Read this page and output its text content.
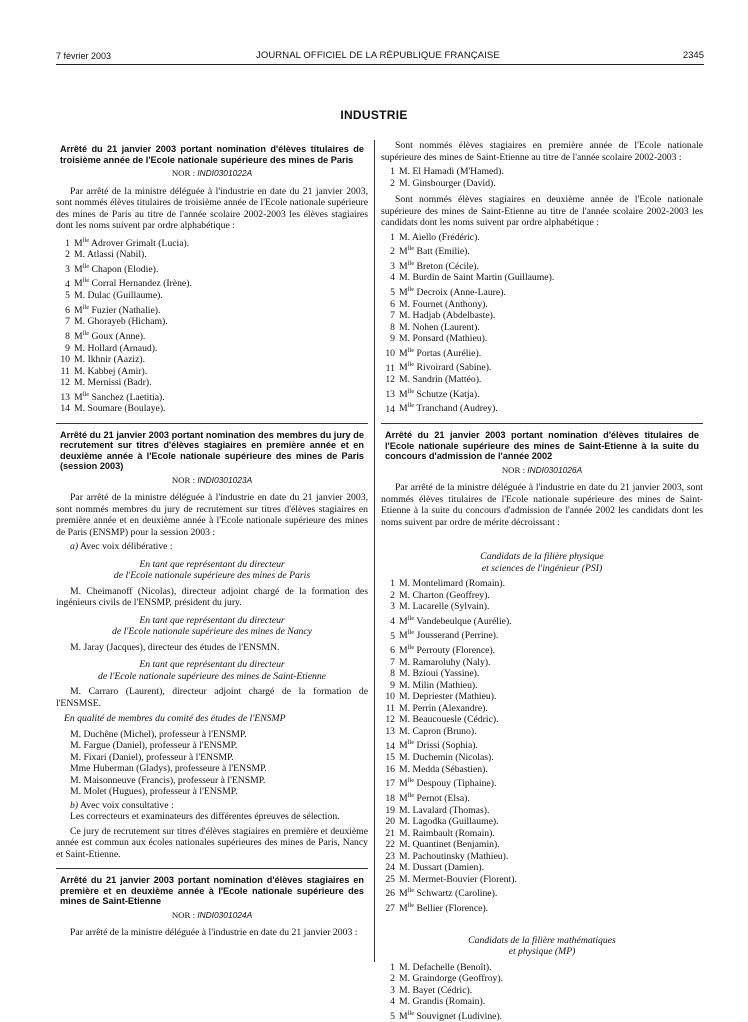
7 février 2003	JOURNAL OFFICIEL DE LA RÉPUBLIQUE FRANÇAISE	2345
INDUSTRIE
Arrêté du 21 janvier 2003 portant nomination d'élèves titulaires de troisième année de l'Ecole nationale supérieure des mines de Paris
NOR : INDI0301022A

Par arrêté de la ministre déléguée à l'industrie en date du 21 janvier 2003, sont nommés élèves titulaires de troisième année de l'Ecole nationale supérieure des mines de Paris au titre de l'année scolaire 2002-2003 les élèves stagiaires dont les noms suivent par ordre alphabétique :

1 $M^{lle}$ Adrover Grimalt (Lucia).
2 M. Atlassi (Nabil).
3 $M^{lle}$ Chapon (Elodie).
4 $M^{lle}$ Corral Hernandez (Irène).
5 M. Dulac (Guillaume).
6 $M^{lle}$ Fuzier (Nathalie).
7 M. Ghorayeb (Hicham).
8 $M^{lle}$ Goux (Anne).
9 M. Hollard (Arnaud).
10 M. Ikhnir (Aaziz).
11 M. Kabbej (Amir).
12 M. Mernissi (Badr).
13 $M^{lle}$ Sanchez (Laetitia).
14 M. Soumare (Boulaye).
Arrêté du 21 janvier 2003 portant nomination des membres du jury de recrutement sur titres d'élèves stagiaires en première année et en deuxième année à l'Ecole nationale supérieure des mines de Paris (session 2003)
NOR : INDI0301023A

Par arrêté de la ministre déléguée à l'industrie en date du 21 janvier 2003, sont nommés membres du jury de recrutement sur titres d'élèves stagiaires en première année et en deuxième année à l'Ecole nationale supérieure des mines de Paris (ENSMP) pour la session 2003 :

a) Avec voix délibérative :
En tant que représentant du directeur
de l'Ecole nationale supérieure des mines de Paris

M. Cheimanoff (Nicolas), directeur adjoint chargé de la formation des ingénieurs civils de l'ENSMP, président du jury.

En tant que représentant du directeur
de l'Ecole nationale supérieure des mines de Nancy

M. Jaray (Jacques), directeur des études de l'ENSMN.

En tant que représentant du directeur
de l'Ecole nationale supérieure des mines de Saint-Etienne

M. Carraro (Laurent), directeur adjoint chargé de la formation de l'ENSMSE.

En qualité de membres du comité des études de l'ENSMP
M. Duchêne (Michel), professeur à l'ENSMP.
M. Fargue (Daniel), professeur à l'ENSMP.
M. Fixari (Daniel), professeur à l'ENSMP.
Mme Huberman (Gladys), professeure à l'ENSMP.
M. Maisonneuve (Francis), professeur à l'ENSMP.
M. Molet (Hugues), professeur à l'ENSMP.
b) Avec voix consultative :

Les correcteurs et examinateurs des différentes épreuves de sélection.

Ce jury de recrutement sur titres d'élèves stagiaires en première et deuxième année est commun aux écoles nationales supérieures des mines de Paris, Nancy et Saint-Etienne.

Arrêté du 21 janvier 2003 portant nomination d'élèves stagiaires en première et en deuxième année à l'Ecole nationale supérieure des mines de Saint-Etienne
NOR : INDI0301024A

Par arrêté de la ministre déléguée à l'industrie en date du 21 janvier 2003 :

Sont nommés élèves stagiaires en première année de l'Ecole nationale supérieure des mines de Saint-Etienne au titre de l'année scolaire 2002-2003 :

1 M. El Hamadi (M'Hamed).
2 M. Ginsbourger (David).

Sont nommés élèves stagiaires en deuxième année de l'Ecole nationale supérieure des mines de Saint-Etienne au titre de l'année scolaire 2002-2003 les candidats dont les noms suivent par ordre alphabétique :

1 M. Aiello (Frédéric).
2 $M^{lle}$ Batt (Emilie).
3 $M^{lle}$ Breton (Cécile).
4 M. Burdin de Saint Martin (Guillaume).
5 $M^{lle}$ Decroix (Anne-Laure).
6 M. Fournet (Anthony).
7 M. Hadjab (Abdelbaste).
8 M. Nohen (Laurent).
9 M. Ponsard (Mathieu).
10 $M^{lle}$ Portas (Aurélie).
11 $M^{lle}$ Rivoirard (Sabine).
12 M. Sandrin (Mattéo).
13 $M^{lle}$ Schutze (Katja).
14 $M^{lle}$ Tranchand (Audrey).
Arrêté du 21 janvier 2003 portant nomination d'élèves titulaires de l'Ecole nationale supérieure des mines de Saint-Etienne à la suite du concours d'admission de l'année 2002
NOR : INDI0301026A

Par arrêté de la ministre déléguée à l'industrie en date du 21 janvier 2003, sont nommés élèves titulaires de l'Ecole nationale supérieure des mines de Saint-Etienne à la suite du concours d'admission de l'année 2002 les candidats dont les noms suivent par ordre de mérite décroissant :

Candidats de la filière physique
et sciences de l'ingénieur (PSI)
1 M. Montelimard (Romain).
2 M. Charton (Geoffrey).
3 M. Lacarelle (Sylvain).
4 $M^{lle}$ Vandebeulque (Aurélie).
5 $M^{lle}$ Jousserand (Perrine).
6 $M^{lle}$ Perrouty (Florence).
7 M. Ramaroluhy (Naly).
8 M. Bzioui (Yassine).
9 M. Milin (Mathieu).
10 M. Depriester (Mathieu).
11 M. Perrin (Alexandre).
12 M. Beaucouesle (Cédric).
13 M. Capron (Bruno).
14 $M^{lle}$ Drissi (Sophia).
15 M. Duchemin (Nicolas).
16 M. Medda (Sébastien).
17 $M^{lle}$ Despouy (Tiphaine).
18 $M^{lle}$ Pernot (Elsa).
19 M. Lavalard (Thomas).
20 M. Lagodka (Guillaume).
21 M. Raimbault (Romain).
22 M. Quantinet (Benjamin).
23 M. Pachoutinsky (Mathieu).
24 M. Dussart (Damien).
25 M. Mermet-Bouvier (Florent).
26 $M^{lle}$ Schwartz (Caroline).
27 $M^{lle}$ Bellier (Florence).
Candidats de la filière mathématiques
et physique (MP)
1 M. Defachelle (Benoît).
2 M. Graindorge (Geoffroy).
3 M. Bayet (Cédric).
4 M. Grandis (Romain).
5 $M^{lle}$ Souvignet (Ludivine).
